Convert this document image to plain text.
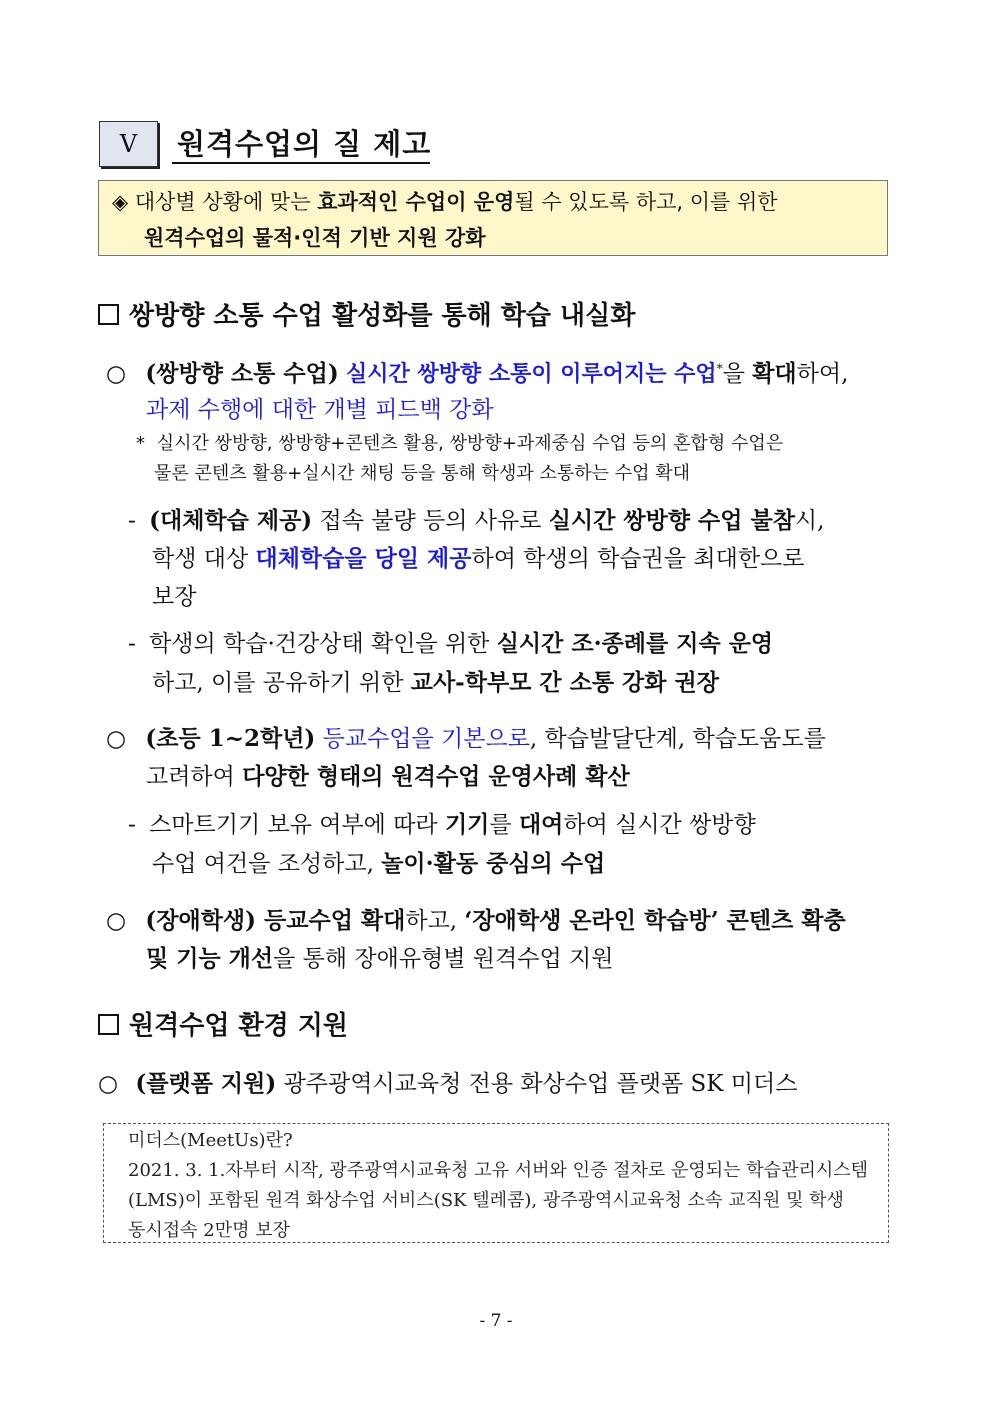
V	원격수업의 질 제고
◈ 대상별 상황에 맞는 효과적인 수업이 운영될 수 있도록 하고, 이를 위한
원격수업의 물적·인적 기반 지원 강화
쌍방향 소통 수업 활성화를 통해 학습 내실화
○ (쌍방향 소통 수업) 실시간 쌍방향 소통이 이루어지는 수업*을 확대하여,
과제 수행에 대한 개별 피드백 강화
* 실시간 쌍방향, 쌍방향+콘텐츠 활용, 쌍방향+과제중심 수업 등의 혼합형 수업은
물론 콘텐츠 활용+실시간 채팅 등을 통해 학생과 소통하는 수업 확대
- (대체학습 제공) 접속 불량 등의 사유로 실시간 쌍방향 수업 불참시,
학생 대상 대체학습을 당일 제공하여 학생의 학습권을 최대한으로
보장
- 학생의 학습·건강상태 확인을 위한 실시간 조·종례를 지속 운영
하고, 이를 공유하기 위한 교사-학부모 간 소통 강화 권장
○ (초등 1~2학년) 등교수업을 기본으로, 학습발달단계, 학습도움도를
고려하여 다양한 형태의 원격수업 운영사례 확산
- 스마트기기 보유 여부에 따라 기기를 대여하여 실시간 쌍방향
수업 여건을 조성하고, 놀이·활동 중심의 수업
○ (장애학생) 등교수업 확대하고, ‘장애학생 온라인 학습방’ 콘텐츠 확충
및 기능 개선을 통해 장애유형별 원격수업 지원
원격수업 환경 지원
○ (플랫폼 지원) 광주광역시교육청 전용 화상수업 플랫폼 SK 미더스
미더스(MeetUs)란?
2021. 3. 1.자부터 시작, 광주광역시교육청 고유 서버와 인증 절차로 운영되는 학습관리시스템
(LMS)이 포함된 원격 화상수업 서비스(SK 텔레콤), 광주광역시교육청 소속 교직원 및 학생
동시접속 2만명 보장
- 7 -
